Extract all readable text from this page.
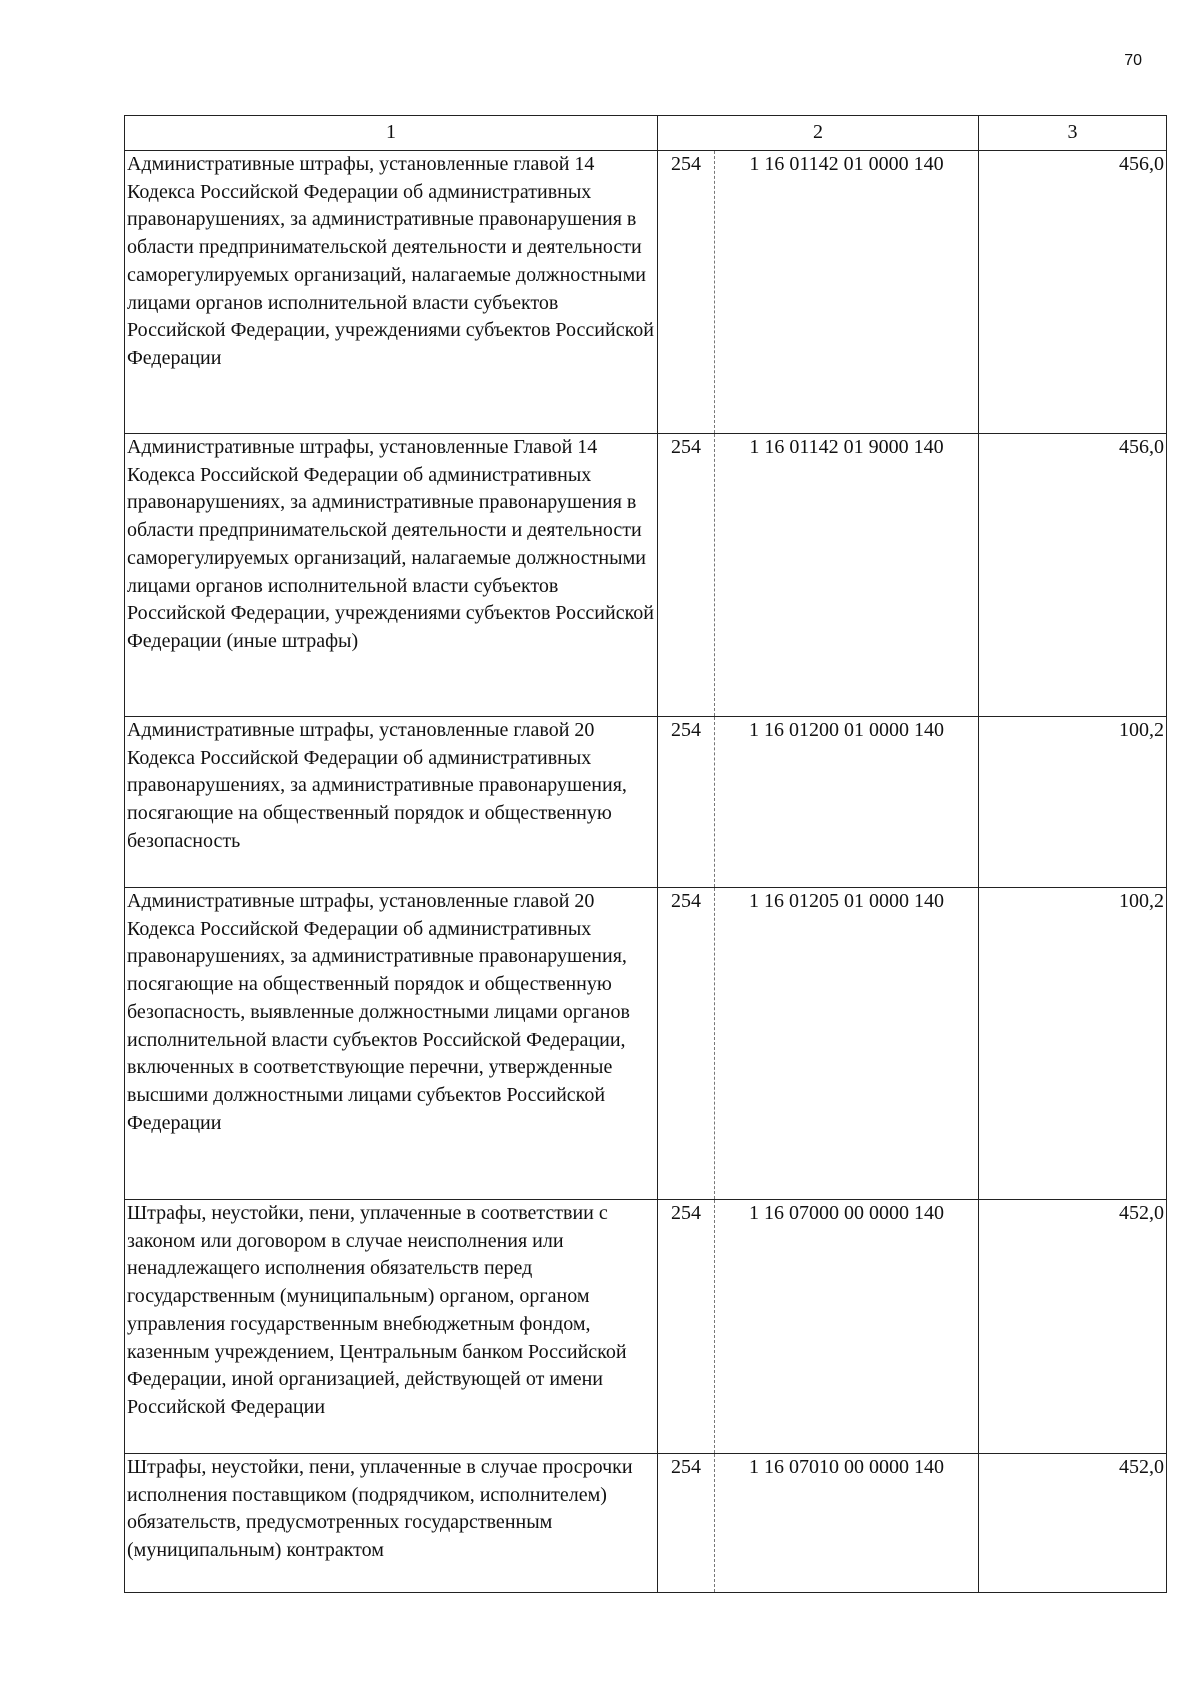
70
1	2		3
Административные штрафы, установленные главой 14 Кодекса Российской Федерации об административных правонарушениях, за административные правонарушения в области предпринимательской деятельности и деятельности саморегулируемых организаций, налагаемые должностными лицами органов исполнительной власти субъектов Российской Федерации, учреждениями субъектов Российской Федерации	254	1 16 01142 01 0000 140	456,0
Административные штрафы, установленные Главой 14 Кодекса Российской Федерации об административных правонарушениях, за административные правонарушения в области предпринимательской деятельности и деятельности саморегулируемых организаций, налагаемые должностными лицами органов исполнительной власти субъектов Российской Федерации, учреждениями субъектов Российской Федерации (иные штрафы)	254	1 16 01142 01 9000 140	456,0
Административные штрафы, установленные главой 20 Кодекса Российской Федерации об административных правонарушениях, за административные правонарушения, посягающие на общественный порядок и общественную безопасность	254	1 16 01200 01 0000 140	100,2
Административные штрафы, установленные главой 20 Кодекса Российской Федерации об административных правонарушениях, за административные правонарушения, посягающие на общественный порядок и общественную безопасность, выявленные должностными лицами органов исполнительной власти субъектов Российской Федерации, включенных в соответствующие перечни, утвержденные высшими должностными лицами субъектов Российской Федерации	254	1 16 01205 01 0000 140	100,2
Штрафы, неустойки, пени, уплаченные в соответствии с законом или договором в случае неисполнения или ненадлежащего исполнения обязательств перед государственным (муниципальным) органом, органом управления государственным внебюджетным фондом, казенным учреждением, Центральным банком Российской Федерации, иной организацией, действующей от имени Российской Федерации	254	1 16 07000 00 0000 140	452,0
Штрафы, неустойки, пени, уплаченные в случае просрочки исполнения поставщиком (подрядчиком, исполнителем) обязательств, предусмотренных государственным (муниципальным) контрактом	254	1 16 07010 00 0000 140	452,0
